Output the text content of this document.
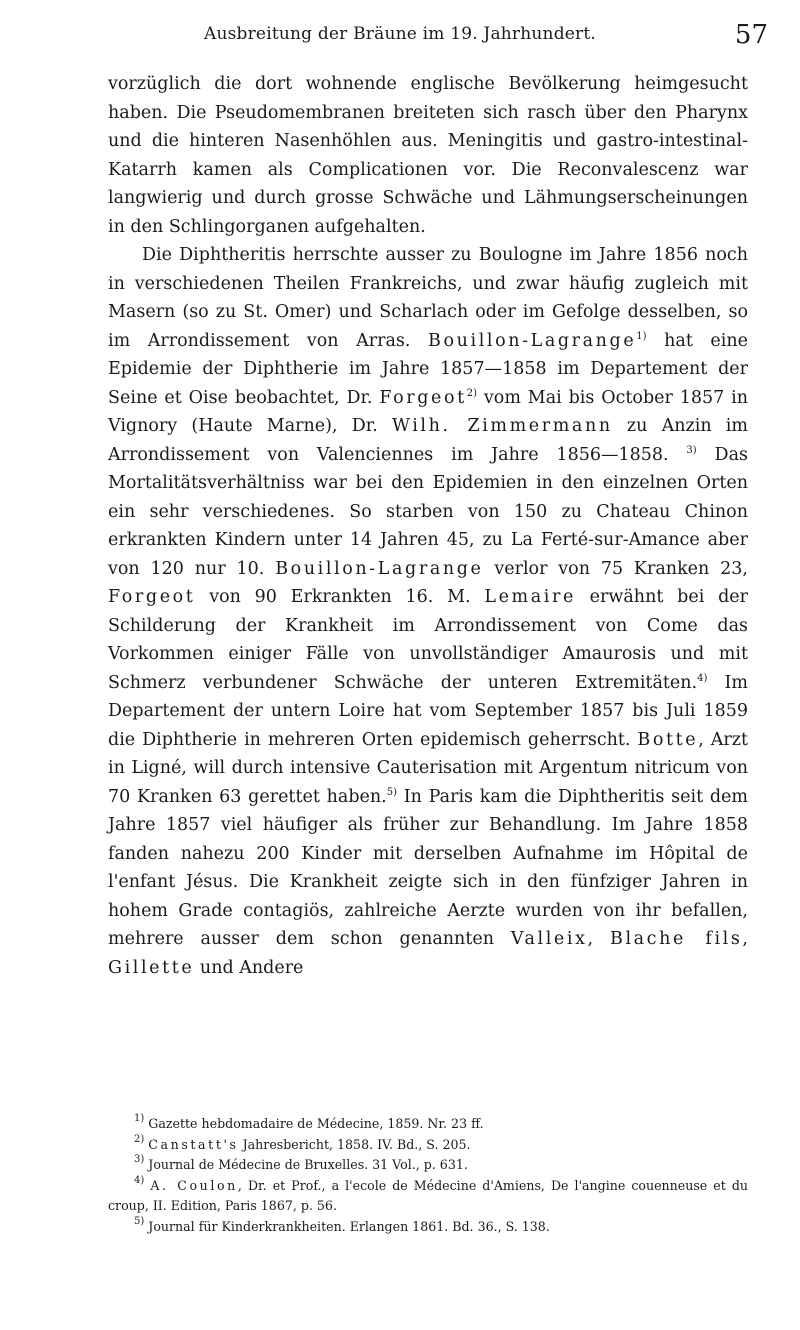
Ausbreitung der Bräune im 19. Jahrhundert.	57

vorzüglich die dort wohnende englische Bevölkerung heimgesucht haben. Die Pseudomembranen breiteten sich rasch über den Pharynx und die hinteren Nasenhöhlen aus. Meningitis und gastro-intestinal-Katarrh kamen als Complicationen vor. Die Reconvalescenz war langwierig und durch grosse Schwäche und Lähmungserscheinungen in den Schlingorganen aufgehalten.

Die Diphtheritis herrschte ausser zu Boulogne im Jahre 1856 noch in verschiedenen Theilen Frankreichs, und zwar häufig zugleich mit Masern (so zu St. Omer) und Scharlach oder im Gefolge desselben, so im Arrondissement von Arras. Bouillon-Lagrange$^{1)}$ hat eine Epidemie der Diphtherie im Jahre 1857—1858 im Departement der Seine et Oise beobachtet, Dr. Forgeot$^{2)}$ vom Mai bis October 1857 in Vignory (Haute Marne), Dr. Wilh. Zimmermann zu Anzin im Arrondissement von Valenciennes im Jahre 1856—1858. $^{3)}$ Das Mortalitätsverhältniss war bei den Epidemien in den einzelnen Orten ein sehr verschiedenes. So starben von 150 zu Chateau Chinon erkrankten Kindern unter 14 Jahren 45, zu La Ferté-sur-Amance aber von 120 nur 10. Bouillon-Lagrange verlor von 75 Kranken 23, Forgeot von 90 Erkrankten 16. M. Lemaire erwähnt bei der Schilderung der Krankheit im Arrondissement von Come das Vorkommen einiger Fälle von unvollständiger Amaurosis und mit Schmerz verbundener Schwäche der unteren Extremitäten.$^{4)}$ Im Departement der untern Loire hat vom September 1857 bis Juli 1859 die Diphtherie in mehreren Orten epidemisch geherrscht. Botte, Arzt in Ligné, will durch intensive Cauterisation mit Argentum nitricum von 70 Kranken 63 gerettet haben.$^{5)}$ In Paris kam die Diphtheritis seit dem Jahre 1857 viel häufiger als früher zur Behandlung. Im Jahre 1858 fanden nahezu 200 Kinder mit derselben Aufnahme im Hôpital de l'enfant Jésus. Die Krankheit zeigte sich in den fünfziger Jahren in hohem Grade contagiös, zahlreiche Aerzte wurden von ihr befallen, mehrere ausser dem schon genannten Valleix, Blache fils, Gillette und Andere

$^{1)}$ Gazette hebdomadaire de Médecine, 1859. Nr. 23 ff.

$^{2)}$ Canstatt's Jahresbericht, 1858. IV. Bd., S. 205.

$^{3)}$ Journal de Médecine de Bruxelles. 31 Vol., p. 631.

$^{4)}$ A. Coulon, Dr. et Prof., a l'ecole de Médecine d'Amiens, De l'angine couenneuse et du croup, II. Edition, Paris 1867, p. 56.

$^{5)}$ Journal für Kinderkrankheiten. Erlangen 1861. Bd. 36., S. 138.
